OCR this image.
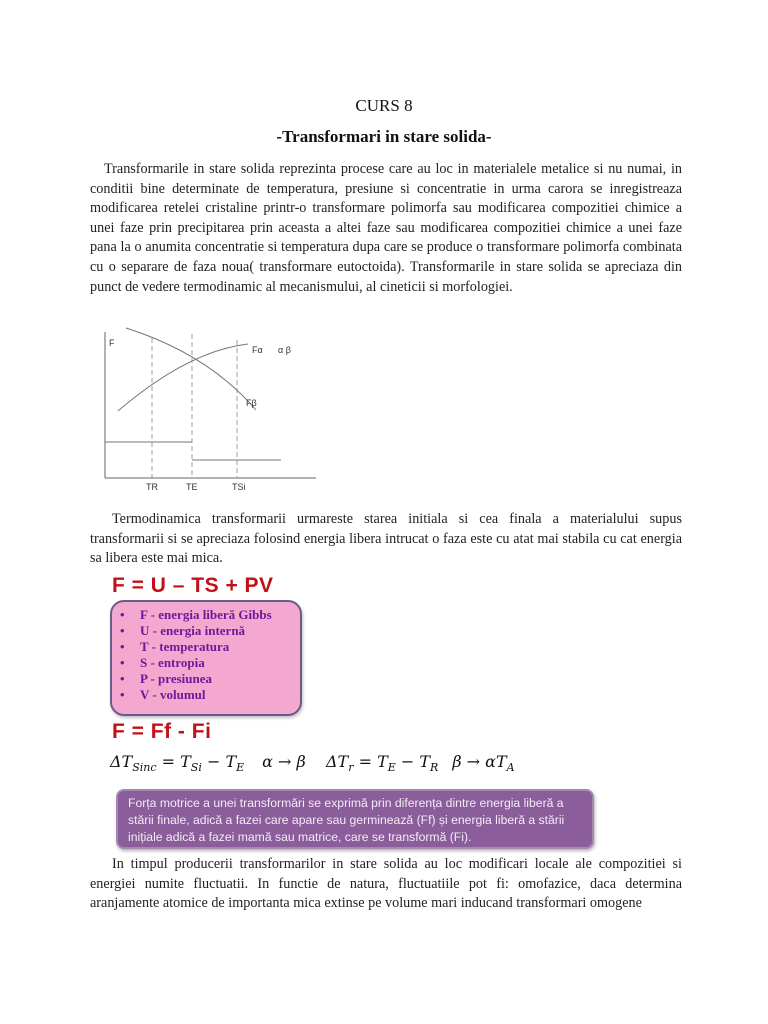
CURS 8
-Transformari in stare solida-
Transformarile in stare solida reprezinta procese care au loc in materialele metalice si nu numai, in conditii bine determinate de temperatura, presiune si concentratie in urma carora se inregistreaza modificarea retelei cristaline printr-o transformare polimorfa sau modificarea compozitiei chimice a unei faze prin precipitarea prin aceasta a altei faze sau modificarea compozitiei chimice a unei faze pana la o anumita concentratie si temperatura dupa care se produce o transformare polimorfa combinata cu o separare de faza noua( transformare eutoctoida). Transformarile in stare solida se apreciaza din punct de vedere termodinamic al mecanismului, al cineticii si morfologiei.
F
Fα α β
Fβ
TR	TE	TSi
Termodinamica transformarii urmareste starea initiala si cea finala a materialului supus transformarii si se apreciaza folosind energia libera intrucat o faza este cu atat mai stabila cu cat energia sa libera este mai mica.
F = U – TS + PV
• F - energia liberă Gibbs
• U - energia internă
• T - temperatura
• S - entropia
• P - presiunea
• V - volumul
F = Ff - Fi
$\Delta T_{Sinc} = T_{Si} - T_E$ α → β $\Delta T_r = T_E - T_R$ $\beta \to \alpha T_A$

Forța motrice a unei transformări se exprimă prin diferența dintre energia liberă a stării finale, adică a fazei care apare sau germinează (Ff) și energia liberă a stării inițiale adică a fazei mamă sau matrice, care se transformă (Fi).

In timpul producerii transformarilor in stare solida au loc modificari locale ale compozitiei si energiei numite fluctuatii. In functie de natura, fluctuatiile pot fi: omofazice, daca determina aranjamente atomice de importanta mica extinse pe volume mari inducand transformari omogene
